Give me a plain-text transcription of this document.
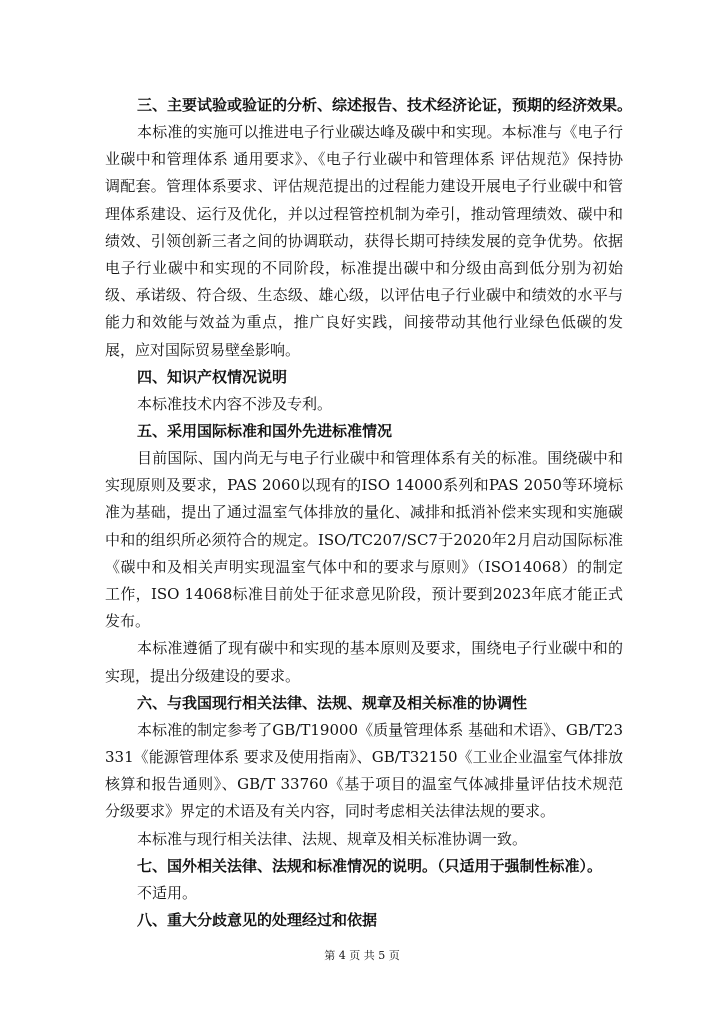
三、主要试验或验证的分析、综述报告、技术经济论证，预期的经济效果。

本标准的实施可以推进电子行业碳达峰及碳中和实现。本标准与《电子行业碳中和管理体系 通用要求》、《电子行业碳中和管理体系 评估规范》保持协调配套。管理体系要求、评估规范提出的过程能力建设开展电子行业碳中和管理体系建设、运行及优化，并以过程管控机制为牵引，推动管理绩效、碳中和绩效、引领创新三者之间的协调联动，获得长期可持续发展的竞争优势。依据电子行业碳中和实现的不同阶段，标准提出碳中和分级由高到低分别为初始级、承诺级、符合级、生态级、雄心级，以评估电子行业碳中和绩效的水平与能力和效能与效益为重点，推广良好实践，间接带动其他行业绿色低碳的发展，应对国际贸易壁垒影响。

四、知识产权情况说明

本标准技术内容不涉及专利。

五、采用国际标准和国外先进标准情况

目前国际、国内尚无与电子行业碳中和管理体系有关的标准。围绕碳中和实现原则及要求，PAS 2060以现有的ISO 14000系列和PAS 2050等环境标准为基础，提出了通过温室气体排放的量化、减排和抵消补偿来实现和实施碳中和的组织所必须符合的规定。ISO/TC207/SC7于2020年2月启动国际标准《碳中和及相关声明实现温室气体中和的要求与原则》（ISO14068）的制定工作，ISO 14068标准目前处于征求意见阶段，预计要到2023年底才能正式发布。

本标准遵循了现有碳中和实现的基本原则及要求，围绕电子行业碳中和的实现，提出分级建设的要求。

六、与我国现行相关法律、法规、规章及相关标准的协调性

本标准的制定参考了GB/T19000《质量管理体系 基础和术语》、GB/T23331《能源管理体系 要求及使用指南》、GB/T32150《工业企业温室气体排放核算和报告通则》、GB/T 33760《基于项目的温室气体减排量评估技术规范分级要求》界定的术语及有关内容，同时考虑相关法律法规的要求。

本标准与现行相关法律、法规、规章及相关标准协调一致。

七、国外相关法律、法规和标准情况的说明。（只适用于强制性标准）。

不适用。

八、重大分歧意见的处理经过和依据

第 4 页 共 5 页
